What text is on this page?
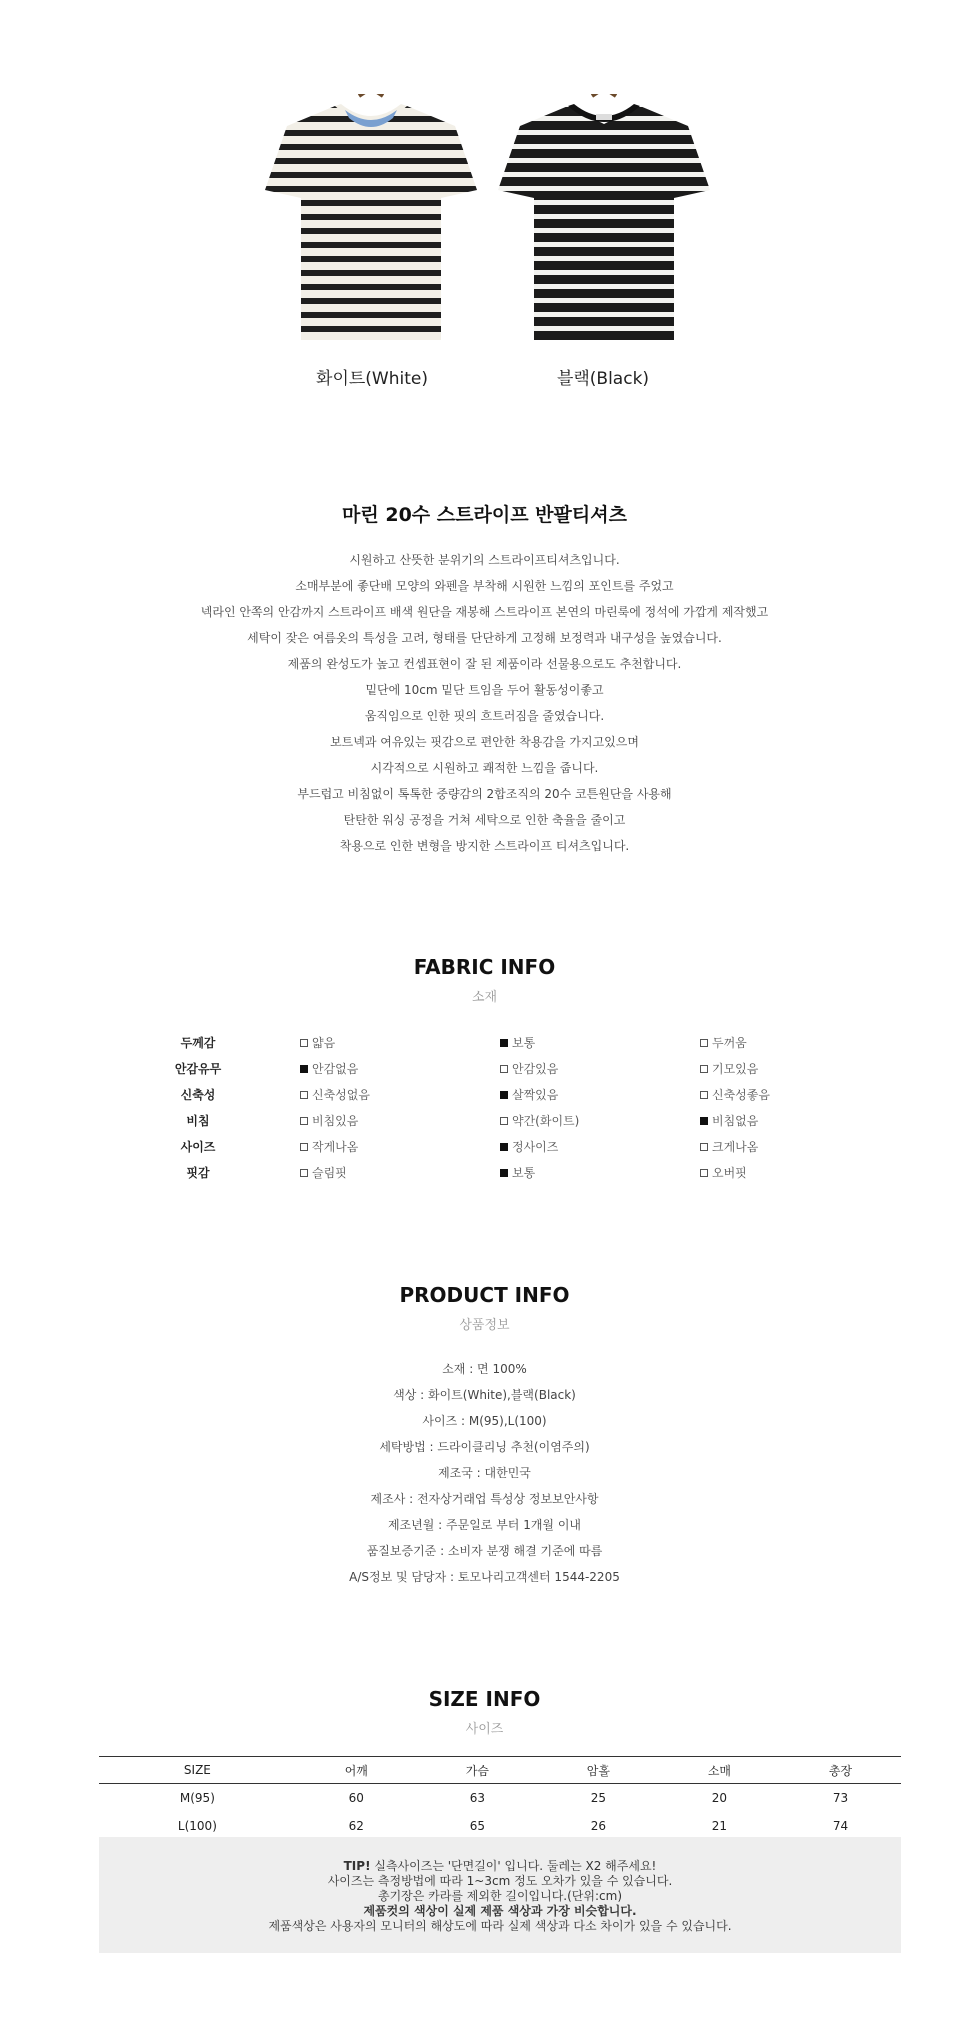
화이트(White)	블랙(Black)
마린 20수 스트라이프 반팔티셔츠
시원하고 산뜻한 분위기의 스트라이프티셔츠입니다.
소매부분에 좋단배 모양의 와펜을 부착해 시원한 느낌의 포인트를 주었고
넥라인 안쪽의 안감까지 스트라이프 배색 원단을 재봉해 스트라이프 본연의 마린룩에 정석에 가깝게 제작했고
세탁이 잦은 여름옷의 특성을 고려, 형태를 단단하게 고정해 보정력과 내구성을 높였습니다.
제품의 완성도가 높고 컨셉표현이 잘 된 제품이라 선물용으로도 추천합니다.
밑단에 10cm 밑단 트임을 두어 활동성이좋고
움직임으로 인한 핏의 흐트러짐을 줄였습니다.
보트넥과 여유있는 핏감으로 편안한 착용감을 가지고있으며
시각적으로 시원하고 쾌적한 느낌을 줍니다.
부드럽고 비침없이 톡톡한 중량감의 2합조직의 20수 코튼원단을 사용해
탄탄한 워싱 공정을 거쳐 세탁으로 인한 축율을 줄이고
착용으로 인한 변형을 방지한 스트라이프 티셔츠입니다.
FABRIC INFO
소재
두께감	얇음	보통	두꺼움
안감유무	안감없음	안감있음	기모있음
신축성	신축성없음	살짝있음	신축성좋음
비침	비침있음	약간(화이트)	비침없음
사이즈	작게나옴	정사이즈	크게나옴
핏감	슬림핏	보통	오버핏
PRODUCT INFO
상품정보
소재 : 면 100%
색상 : 화이트(White),블랙(Black)
사이즈 : M(95),L(100)
세탁방법 : 드라이클리닝 추천(이염주의)
제조국 : 대한민국
제조사 : 전자상거래업 특성상 정보보안사항
제조년월 : 주문일로 부터 1개월 이내
품질보증기준 : 소비자 분쟁 해결 기준에 따름
A/S정보 및 담당자 : 토모나리고객센터 1544-2205
SIZE INFO
사이즈
SIZE	어깨	가슴	암홀	소매	총장
M(95)	60	63	25	20	73
L(100)	62	65	26	21	74
TIP! 실측사이즈는 '단면길이' 입니다. 둘레는 X2 해주세요!
사이즈는 측정방법에 따라 1~3cm 정도 오차가 있을 수 있습니다.
총기장은 카라를 제외한 길이입니다.(단위:cm)
제품컷의 색상이 실제 제품 색상과 가장 비슷합니다.
제품색상은 사용자의 모니터의 해상도에 따라 실제 색상과 다소 차이가 있을 수 있습니다.
